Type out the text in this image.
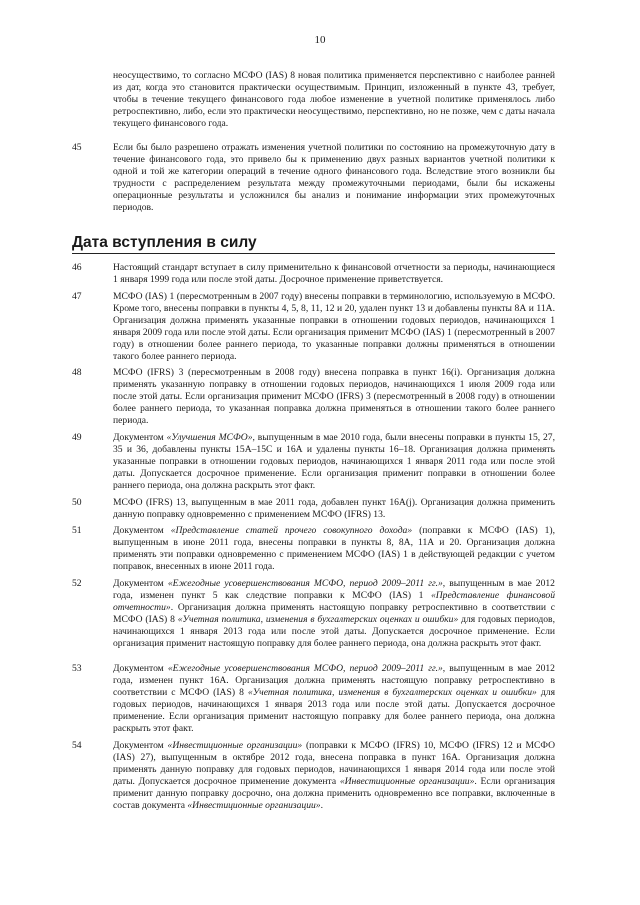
10

неосуществимо, то согласно МСФО (IAS) 8 новая политика применяется перспективно с наиболее ранней из дат, когда это становится практически осуществимым. Принцип, изложенный в пункте 43, требует, чтобы в течение текущего финансового года любое изменение в учетной политике применялось либо ретроспективно, либо, если это практически неосуществимо, перспективно, но не позже, чем с даты начала текущего финансового года.

45	Если бы было разрешено отражать изменения учетной политики по состоянию на промежуточную дату в течение финансового года, это привело бы к применению двух разных вариантов учетной политики к одной и той же категории операций в течение одного финансового года. Вследствие этого возникли бы трудности с распределением результата между промежуточными периодами, были бы искажены операционные результаты и усложнился бы анализ и понимание информации этих промежуточных периодов.

Дата вступления в силу
46	Настоящий стандарт вступает в силу применительно к финансовой отчетности за периоды, начинающиеся 1 января 1999 года или после этой даты. Досрочное применение приветствуется.

47	МСФО (IAS) 1 (пересмотренным в 2007 году) внесены поправки в терминологию, используемую в МСФО. Кроме того, внесены поправки в пункты 4, 5, 8, 11, 12 и 20, удален пункт 13 и добавлены пункты 8А и 11А. Организация должна применять указанные поправки в отношении годовых периодов, начинающихся 1 января 2009 года или после этой даты. Если организация применит МСФО (IAS) 1 (пересмотренный в 2007 году) в отношении более раннего периода, то указанные поправки должны применяться в отношении такого более раннего периода.

48	МСФО (IFRS) 3 (пересмотренным в 2008 году) внесена поправка в пункт 16(i). Организация должна применять указанную поправку в отношении годовых периодов, начинающихся 1 июля 2009 года или после этой даты. Если организация применит МСФО (IFRS) 3 (пересмотренный в 2008 году) в отношении более раннего периода, то указанная поправка должна применяться в отношении такого более раннего периода.

49	Документом «Улучшения МСФО», выпущенным в мае 2010 года, были внесены поправки в пункты 15, 27, 35 и 36, добавлены пункты 15А–15С и 16А и удалены пункты 16–18. Организация должна применять указанные поправки в отношении годовых периодов, начинающихся 1 января 2011 года или после этой даты. Допускается досрочное применение. Если организация применит поправки в отношении более раннего периода, она должна раскрыть этот факт.

50	МСФО (IFRS) 13, выпущенным в мае 2011 года, добавлен пункт 16А(j). Организация должна применить данную поправку одновременно с применением МСФО (IFRS) 13.

51	Документом «Представление статей прочего совокупного дохода» (поправки к МСФО (IAS) 1), выпущенным в июне 2011 года, внесены поправки в пункты 8, 8А, 11А и 20. Организация должна применять эти поправки одновременно с применением МСФО (IAS) 1 в действующей редакции с учетом поправок, внесенных в июне 2011 года.

52	Документом «Ежегодные усовершенствования МСФО, период 2009–2011 гг.», выпущенным в мае 2012 года, изменен пункт 5 как следствие поправки к МСФО (IAS) 1 «Представление финансовой отчетности». Организация должна применять настоящую поправку ретроспективно в соответствии с МСФО (IAS) 8 «Учетная политика, изменения в бухгалтерских оценках и ошибки» для годовых периодов, начинающихся 1 января 2013 года или после этой даты. Допускается досрочное применение. Если организация применит настоящую поправку для более раннего периода, она должна раскрыть этот факт.

53	Документом «Ежегодные усовершенствования МСФО, период 2009–2011 гг.», выпущенным в мае 2012 года, изменен пункт 16А. Организация должна применять настоящую поправку ретроспективно в соответствии с МСФО (IAS) 8 «Учетная политика, изменения в бухгалтерских оценках и ошибки» для годовых периодов, начинающихся 1 января 2013 года или после этой даты. Допускается досрочное применение. Если организация применит настоящую поправку для более раннего периода, она должна раскрыть этот факт.

54	Документом «Инвестиционные организации» (поправки к МСФО (IFRS) 10, МСФО (IFRS) 12 и МСФО (IAS) 27), выпущенным в октябре 2012 года, внесена поправка в пункт 16А. Организация должна применять данную поправку для годовых периодов, начинающихся 1 января 2014 года или после этой даты. Допускается досрочное применение документа «Инвестиционные организации». Если организация применит данную поправку досрочно, она должна применить одновременно все поправки, включенные в состав документа «Инвестиционные организации».
